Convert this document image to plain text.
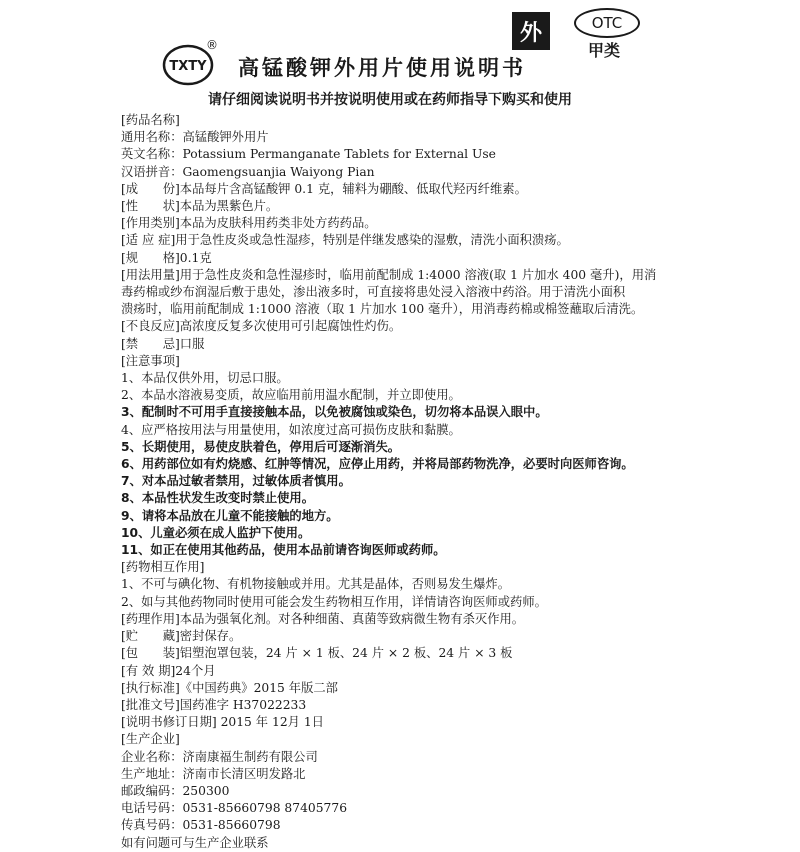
TXTY
®
高锰酸钾外用片使用说明书
外	OTC
甲类
请仔细阅读说明书并按说明使用或在药师指导下购买和使用
[药品名称]
通用名称：高锰酸钾外用片
英文名称：Potassium Permanganate Tablets for External Use
汉语拼音：Gaomengsuanjia Waiyong Pian
[成　　份]本品每片含高锰酸钾 0.1 克，辅料为硼酸、低取代羟丙纤维素。
[性　　状]本品为黑紫色片。
[作用类别]本品为皮肤科用药类非处方药药品。
[适 应 症]用于急性皮炎或急性湿疹，特别是伴继发感染的湿敷，清洗小面积溃疡。
[规　　格]0.1克
[用法用量]用于急性皮炎和急性湿疹时，临用前配制成 1:4000 溶液(取 1 片加水 400 毫升)，用消
毒药棉或纱布润湿后敷于患处，渗出液多时，可直接将患处浸入溶液中药浴。用于清洗小面积
溃疡时，临用前配制成 1:1000 溶液（取 1 片加水 100 毫升），用消毒药棉或棉签蘸取后清洗。
[不良反应]高浓度反复多次使用可引起腐蚀性灼伤。
[禁　　忌]口服
[注意事项]
1、本品仅供外用，切忌口服。
2、本品水溶液易变质，故应临用前用温水配制，并立即使用。
3、配制时不可用手直接接触本品，以免被腐蚀或染色，切勿将本品误入眼中。
4、应严格按用法与用量使用，如浓度过高可损伤皮肤和黏膜。
5、长期使用，易使皮肤着色，停用后可逐渐消失。
6、用药部位如有灼烧感、红肿等情况，应停止用药，并将局部药物洗净，必要时向医师咨询。
7、对本品过敏者禁用，过敏体质者慎用。
8、本品性状发生改变时禁止使用。
9、请将本品放在儿童不能接触的地方。
10、儿童必须在成人监护下使用。
11、如正在使用其他药品，使用本品前请咨询医师或药师。
[药物相互作用]
1、不可与碘化物、有机物接触或并用。尤其是晶体，否则易发生爆炸。
2、如与其他药物同时使用可能会发生药物相互作用，详情请咨询医师或药师。
[药理作用]本品为强氧化剂。对各种细菌、真菌等致病微生物有杀灭作用。
[贮　　藏]密封保存。
[包　　装]铝塑泡罩包装，24 片 × 1 板、24 片 × 2 板、24 片 × 3 板
[有 效 期]24个月
[执行标准]《中国药典》2015 年版二部
[批准文号]国药准字 H37022233
[说明书修订日期] 2015 年 12月 1日
[生产企业]
企业名称：济南康福生制药有限公司
生产地址：济南市长清区明发路北
邮政编码：250300
电话号码：0531-85660798 87405776
传真号码：0531-85660798
如有问题可与生产企业联系
